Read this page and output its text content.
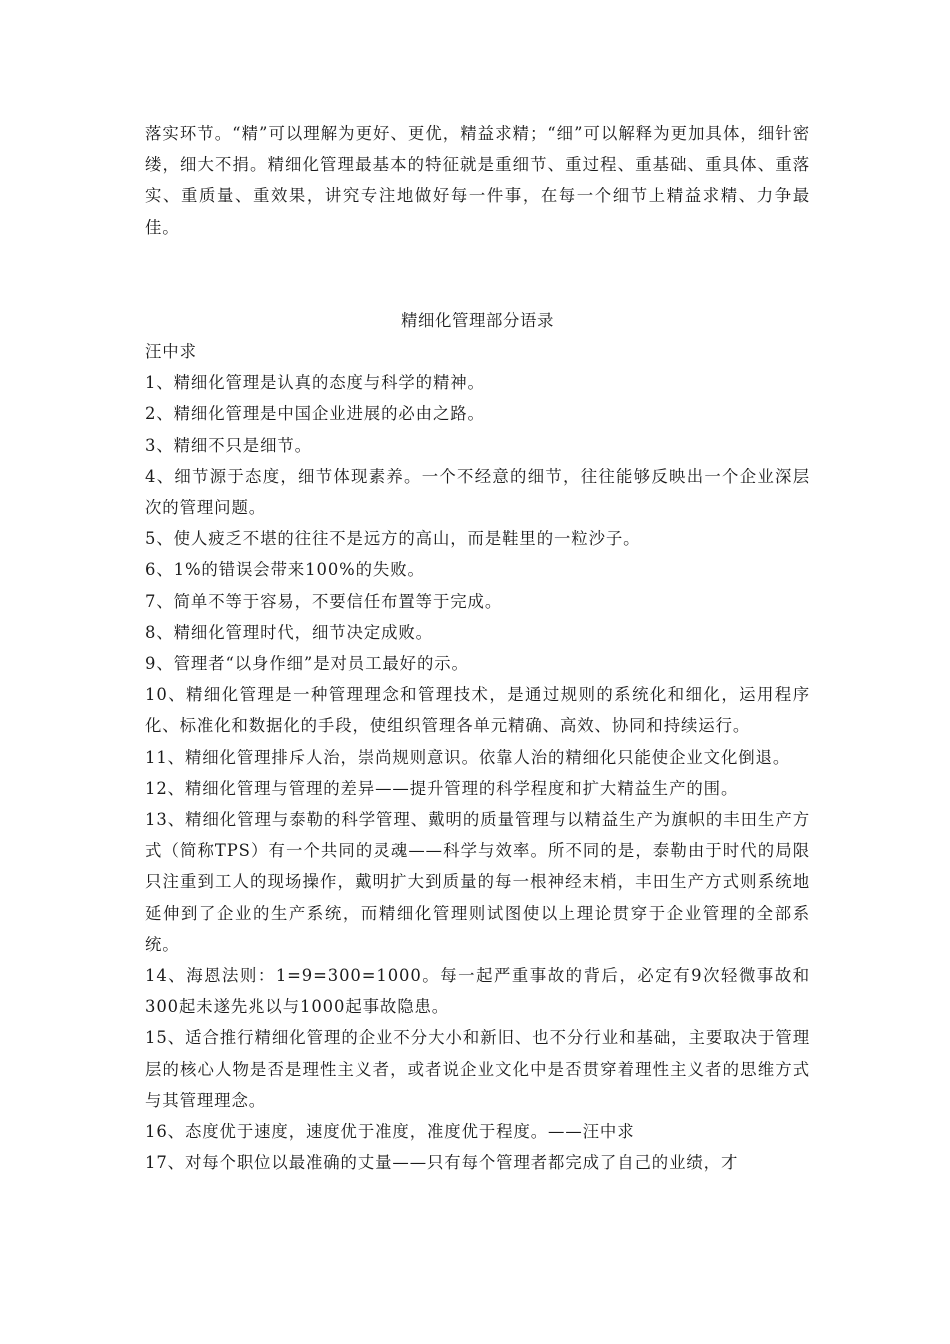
落实环节。“精”可以理解为更好、更优，精益求精；“细”可以解释为更加具体，细针密缕，细大不捐。精细化管理最基本的特征就是重细节、重过程、重基础、重具体、重落实、重质量、重效果，讲究专注地做好每一件事，在每一个细节上精益求精、力争最佳。

精细化管理部分语录

汪中求

1、精细化管理是认真的态度与科学的精神。

2、精细化管理是中国企业进展的必由之路。

3、精细不只是细节。

4、细节源于态度，细节体现素养。一个不经意的细节，往往能够反映出一个企业深层次的管理问题。

5、使人疲乏不堪的往往不是远方的高山，而是鞋里的一粒沙子。

6、1%的错误会带来100%的失败。

7、简单不等于容易，不要信任布置等于完成。

8、精细化管理时代，细节决定成败。

9、管理者“以身作细”是对员工最好的示。

10、精细化管理是一种管理理念和管理技术，是通过规则的系统化和细化，运用程序化、标准化和数据化的手段，使组织管理各单元精确、高效、协同和持续运行。

11、精细化管理排斥人治，崇尚规则意识。依靠人治的精细化只能使企业文化倒退。

12、精细化管理与管理的差异——提升管理的科学程度和扩大精益生产的围。

13、精细化管理与泰勒的科学管理、戴明的质量管理与以精益生产为旗帜的丰田生产方式（简称TPS）有一个共同的灵魂——科学与效率。所不同的是，泰勒由于时代的局限只注重到工人的现场操作，戴明扩大到质量的每一根神经末梢，丰田生产方式则系统地延伸到了企业的生产系统，而精细化管理则试图使以上理论贯穿于企业管理的全部系统。

14、海恩法则：1=9=300=1000。每一起严重事故的背后，必定有9次轻微事故和300起未遂先兆以与1000起事故隐患。

15、适合推行精细化管理的企业不分大小和新旧、也不分行业和基础，主要取决于管理层的核心人物是否是理性主义者，或者说企业文化中是否贯穿着理性主义者的思维方式与其管理理念。

16、态度优于速度，速度优于准度，准度优于程度。——汪中求

17、对每个职位以最准确的丈量——只有每个管理者都完成了自己的业绩，才
